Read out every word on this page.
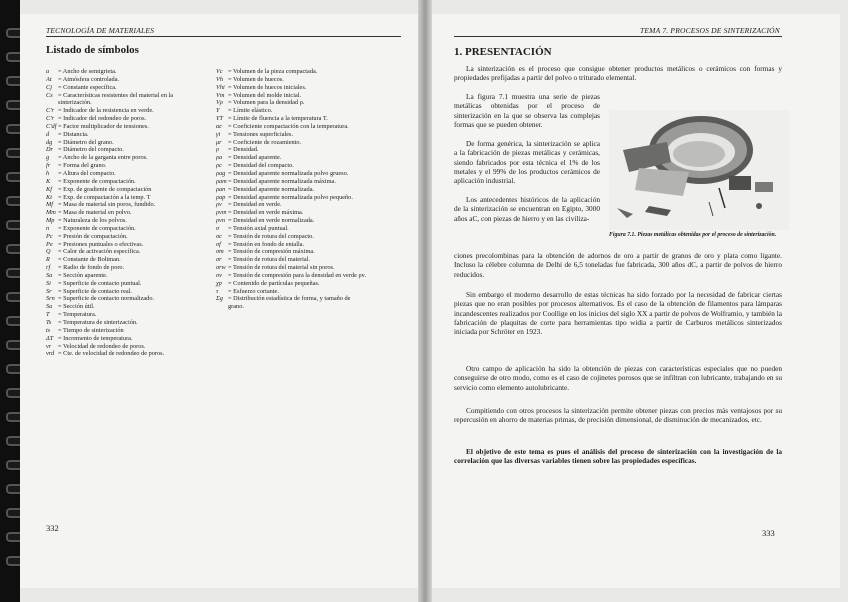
TECNOLOGÍA DE MATERIALES
Listado de símbolos
a	= Ancho de semigrieta.
At	= Atmósfera controlada.
Cj = Constante específica.
Cs = Características resistentes del material en la sinterización.
C'r = Indicador de la resistencia en verde.
C'r = Indicador del redondeo de poros.
C'df = Factor multiplicador de tensiones.
d	= Distancia.
dg = Diámetro del grano.
Dr = Diámetro del compacto.
g	= Ancho de la garganta entre poros.
fr	= Forma del grano.
h	= Altura del compacto.
K	= Exponente de compactación.
Kf = Exp. de gradiente de compactación
Kt = Exp. de compactación a la temp. T
Mf = Masa de material sin poros, fundido.
Mm = Masa de material en polvo.
Mp = Naturaleza de los polvos.
n	= Exponente de compactación.
Pc = Presión de compactación.
Pe = Presiones puntuales o efectivas.
Q	= Calor de activación específica.
R	= Constante de Boltman.
rf	= Radio de fondo de poro.
Sa = Sección aparente.
Si	= Superficie de contacto puntual.
Sr	= Superficie de contacto real.
Srn = Superficie de contacto normalizado.
Su = Sección útil.
T	= Temperatura.
Ts	= Temperatura de sinterización.
ts	= Tiempo de sinterización
ΔT = Incremento de temperatura.
vr	= Velocidad de redondeo de poros.
vrd = Cte. de velocidad de redondeo de poros.
Vc = Volumen de la pieza compactada.
Vh = Volumen de huecos.
Vhi = Volumen de huecos iniciales.
Vm = Volumen del molde inicial.
Vρ = Volumen para la densidad ρ.
Y	= Límite elástico.
YT = Límite de fluencia a la temperatura T.
αc = Coeficiente compactación con la temperatura.
γi	= Tensiones superficiales.
μr	= Coeficiente de rozamiento.
ρ	= Densidad.
ρa = Densidad aparente.
ρc = Densidad del compacto.
ρag = Densidad aparente normalizada polvo grueso.
ρam = Densidad aparente normalizada máxima.
ρan = Densidad aparente normalizada.
ρap = Densidad aparente normalizada polvo pequeño.
ρv = Densidad en verde.
ρvm = Densidad en verde máxima.
ρvn = Densidad en verde normalizada.
σ	= Tensión axial puntual.
σc = Tensión de rotura del compacto.
σf	= Tensión en fondo de entalla.
σm = Tensión de compresión máxima.
σr	= Tensión de rotura del material.
σrw = Tensión de rotura del material sin poros.
σv = Tensión de compresión para la densidad en verde ρv.
χp = Contenido de partículas pequeñas.
τ	= Esfuerzo cortante.
Σg = Distribución estadística de forma, y tamaño de grano.
332
TEMA 7. PROCESOS DE SINTERIZACIÓN
1. PRESENTACIÓN
La sinterización es el proceso que consigue obtener productos metálicos o cerámicos con formas y propiedades prefijadas a partir del polvo o triturado elemental.
La figura 7.1 muestra una serie de piezas metálicas obtenidas por el proceso de sinterización en la que se observa las complejas formas que se pueden obtener.
De forma genérica, la sinterización se aplica a la fabricación de piezas metálicas y cerámicas, siendo fabricados por esta técnica el 1% de los metales y el 99% de los productos cerámicos de aplicación industrial.
Los antecedentes históricos de la aplicación de la sinterización se encuentran en Egipto, 3000 años aC, con piezas de hierro y en las civiliza-
Figura 7.1. Piezas metálicas obtenidas por el proceso de sinterización.
ciones precolombinas para la obtención de adornos de oro a partir de granos de oro y plata como ligante. Incluso la célebre columna de Delhi de 6,5 toneladas fue fabricada, 300 años dC, a partir de polvos de hierro reducidos.
Sin embargo el moderno desarrollo de estas técnicas ha sido forzado por la necesidad de fabricar ciertas piezas que no eran posibles por procesos alternativos. Es el caso de la obtención de filamentos para lámparas incandescentes realizados por Coollige en los inicios del siglo XX a partir de polvos de Wolframio, y también la fabricación de plaquitas de corte para herramientas tipo widia a partir de Carburos metálicos sinterizados iniciada por Schröter en 1923.
Otro campo de aplicación ha sido la obtención de piezas con características especiales que no pueden conseguirse de otro modo, como es el caso de cojinetes porosos que se infiltran con lubricante, trabajando en su servicio como elemento autolubricante.
Compitiendo con otros procesos la sinterización permite obtener piezas con precios más ventajosos por su repercusión en ahorro de materias primas, de precisión dimensional, de disminución de mecanizados, etc.
El objetivo de este tema es pues el análisis del proceso de sinterización con la investigación de la correlación que las diversas variables tienen sobre las propiedades específicas.
333
